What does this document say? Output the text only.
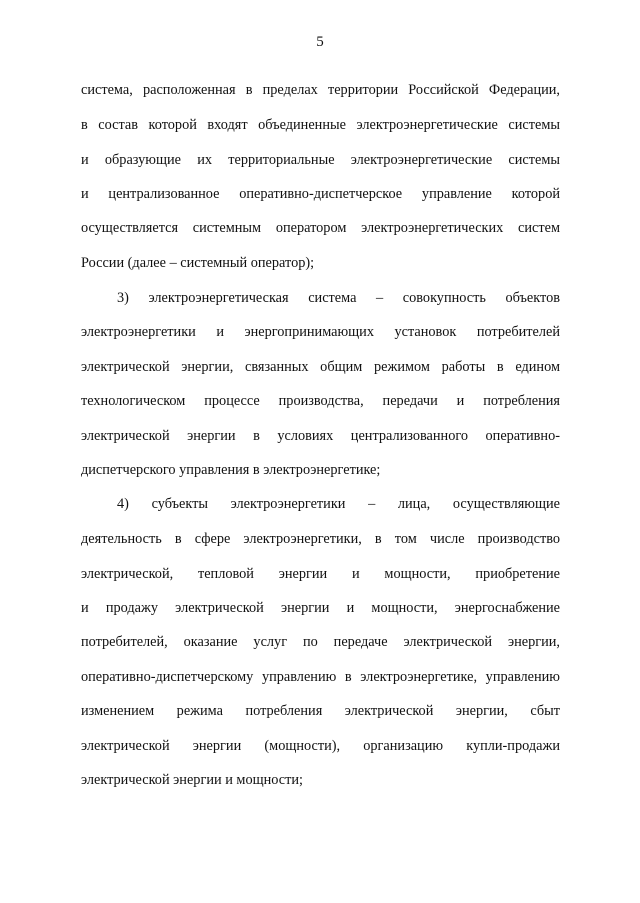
5
система, расположенная в пределах территории Российской Федерации,
в состав которой входят объединенные электроэнергетические системы
и образующие их территориальные электроэнергетические системы
и централизованное оперативно-диспетчерское управление которой
осуществляется системным оператором электроэнергетических систем
России (далее – системный оператор);
3) электроэнергетическая система – совокупность объектов
электроэнергетики и энергопринимающих установок потребителей
электрической энергии, связанных общим режимом работы в едином
технологическом процессе производства, передачи и потребления
электрической энергии в условиях централизованного оперативно-
диспетчерского управления в электроэнергетике;
4) субъекты электроэнергетики – лица, осуществляющие
деятельность в сфере электроэнергетики, в том числе производство
электрической, тепловой энергии и мощности, приобретение
и продажу электрической энергии и мощности, энергоснабжение
потребителей, оказание услуг по передаче электрической энергии,
оперативно-диспетчерскому управлению в электроэнергетике, управлению
изменением режима потребления электрической энергии, сбыт
электрической энергии (мощности), организацию купли-продажи
электрической энергии и мощности;
